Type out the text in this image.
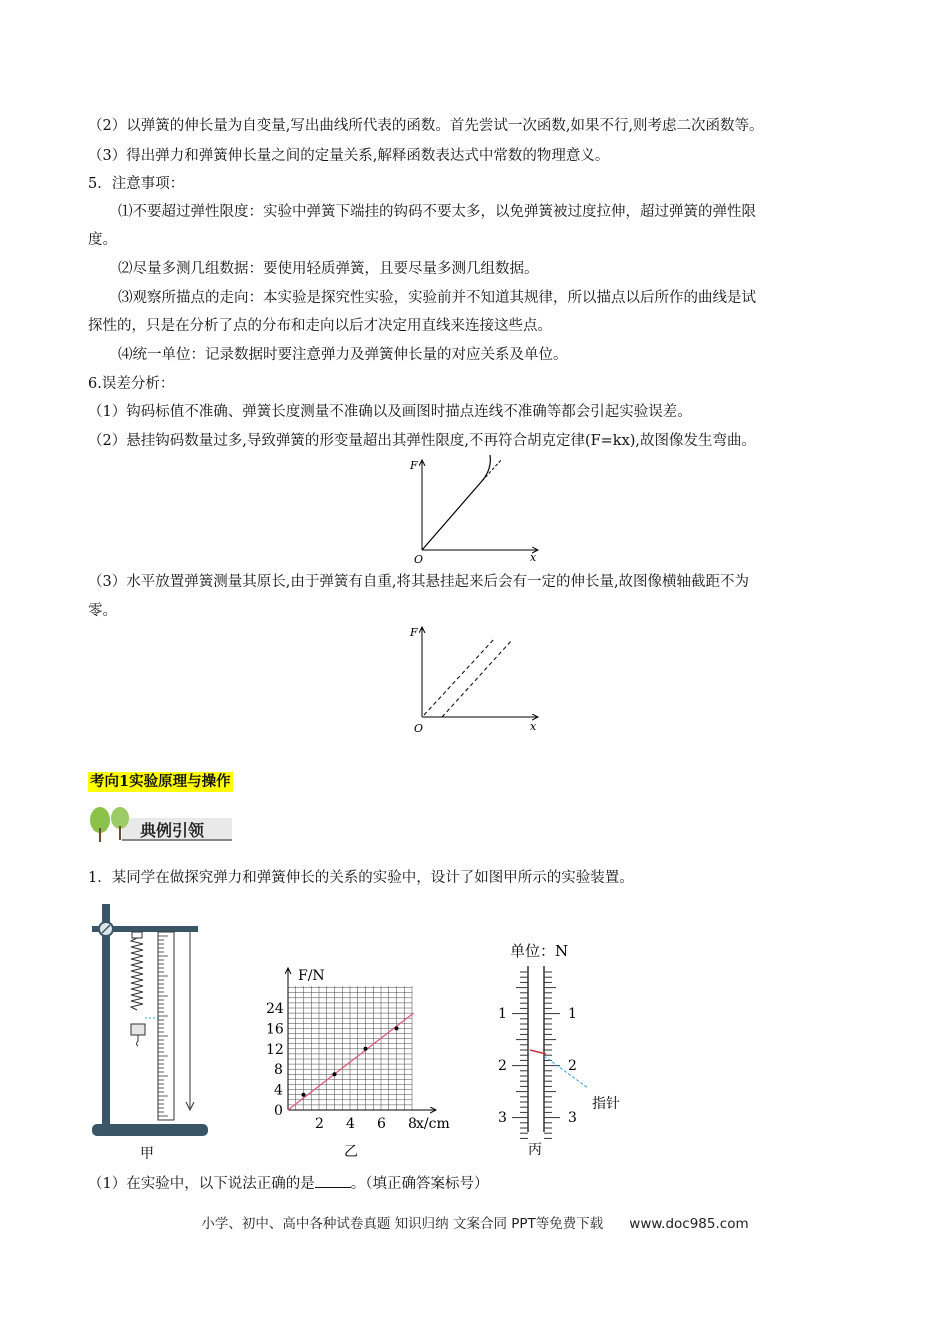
（2）以弹簧的伸长量为自变量,写出曲线所代表的函数。首先尝试一次函数,如果不行,则考虑二次函数等。
（3）得出弹力和弹簧伸长量之间的定量关系,解释函数表达式中常数的物理意义。
5．注意事项：
⑴不要超过弹性限度：实验中弹簧下端挂的钩码不要太多，以免弹簧被过度拉伸，超过弹簧的弹性限
度。
⑵尽量多测几组数据：要使用轻质弹簧，且要尽量多测几组数据。
⑶观察所描点的走向：本实验是探究性实验，实验前并不知道其规律，所以描点以后所作的曲线是试
探性的，只是在分析了点的分布和走向以后才决定用直线来连接这些点。
⑷统一单位：记录数据时要注意弹力及弹簧伸长量的对应关系及单位。
6.误差分析：
（1）钩码标值不准确、弹簧长度测量不准确以及画图时描点连线不准确等都会引起实验误差。
（2）悬挂钩码数量过多,导致弹簧的形变量超出其弹性限度,不再符合胡克定律(F=kx),故图像发生弯曲。
F
x
O
（3）水平放置弹簧测量其原长,由于弹簧有自重,将其悬挂起来后会有一定的伸长量,故图像横轴截距不为
零。
F
x
O
考向1实验原理与操作
典例引领
1．某同学在做探究弹力和弹簧伸长的关系的实验中，设计了如图甲所示的实验装置。
甲
2 4 6 8
0
4
8
12
16
24
F/N
x/cm
乙
单位：N
1
2
3
1
2
3
指针
丙
（1）在实验中，以下说法正确的是 。（填正确答案标号）
小学、初中、高中各种试卷真题 知识归纳 文案合同 PPT等免费下载 www.doc985.com
